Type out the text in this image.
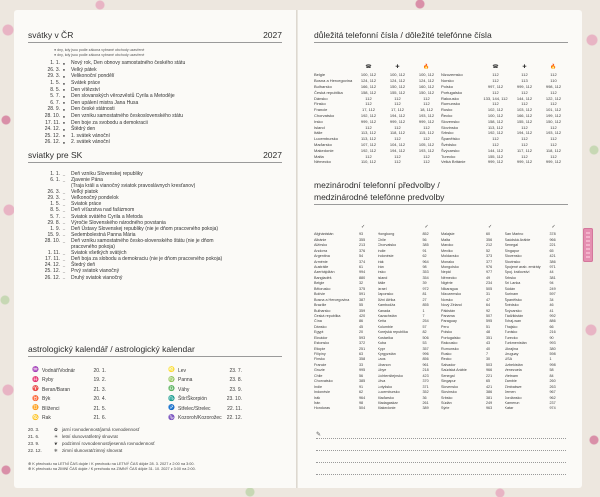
svátky v ČR	2027
● dny, kdy jsou podle zákona vybrané obchody uzavřené
● dny, kdy jsou podle zákona vybrané obchody uzavřené
1. 1. ●	Nový rok, Den obnovy samostatného českého státu
26. 3. ●	Velký pátek
29. 3. ●	Velikonoční pondělí
1. 5. ●	Svátek práce
8. 5. ●	Den vítězství
5. 7. ●	Den slovanských věrozvěstů Cyrila a Metoděje
6. 7. ●	Den upálení mistra Jana Husa
28. 9. ●	Den české státnosti
28. 10. ●	Den vzniku samostatného československého státu
17. 11. ●	Den boje za svobodu a demokracii
24. 12. ●	Štědrý den
25. 12. ●	1. svátek vánoční
26. 12. ●	2. svátek vánoční
sviatky pre SK	2027
1. 1. –	Deň vzniku Slovenskej republiky
6. 1. –	Zjavenie Pána
(Traja králi a vianočný sviatok pravoslávnych kresťanov)
26. 3. –	Veľký piatok
29. 3. –	Veľkonočný pondelok
1. 5. –	Sviatok práce
8. 5. –	Deň víťazstva nad fašizmom
5. 7. –	Sviatok svätého Cyrila a Metoda
29. 8. –	Výročie Slovenského národného povstania
1. 9. –	Deň Ústavy Slovenskej republiky (nie je dňom pracovného pokoja)
15. 9. –	Sedembolestná Panna Mária
28. 10. –	Deň vzniku samostatného česko-slovenského štátu (nie je dňom
pracovného pokoja)
1. 11. –	Sviatok všetkých svätých
17. 11. –	Deň boja za slobodu a demokraciu (nie je dňom pracovného pokoja)
24. 12. –	Štedrý deň
25. 12. –	Prvý sviatok vianočný
26. 12. –	Druhý sviatok vianočný
astrologický kalendář / astrologický kalendar
♒ Vodnář/Vodnár	20. 1.
♓ Ryby	19. 2.
♈ Beran/Baran	21. 3.
♉ Býk	20. 4.
♊ Blíženci	21. 5.
♋ Rak	21. 6.
♌ Lev	23. 7.
♍ Panna	23. 8.
♎ Váhy	23. 9.
♏ Štír/Škorpión	23. 10.
♐ Střelec/Strelec	22. 11.
♑ Kozoroh/Kozorožec	22. 12.
20. 3.	✿ jarní rovnodennost/jarná rovnodennosť
21. 6.	☀ letní slunovrat/letný slnovrat
23. 9.	❦ podzimní rovnodennost/jesenná rovnodennosť
22. 12.	❄ zimní slunovrat/zimný slnovrat
⊕ K přechodu na LETNÍ ČAS dojde / K prechodu na LETNÝ ČAS dôjde 28. 3. 2027 z 2:00 na 3:00.
⊕ K přechodu na ZIMNÍ ČAS dojde / K prechodu na ZIMNÝ ČAS dôjde 31. 10. 2027 z 3:00 na 2:00.
důležitá telefonní čísla / dôležité telefónne čísla
☎	✚	🔥	☎	✚	🔥
Belgie	100, 112	100, 112	100, 112
Bosna a Hercegovina	124, 112	124, 112	124, 112
Bulharsko	166, 112	150, 112	160, 112
Česká republika	158, 112	155, 112	150, 112
Dánsko	112	112	112
Finsko	112	112	112
Francie	17, 112	17, 112	18, 112
Chorvatsko	192, 112	194, 112	193, 112
Irsko	999, 112	999, 112	999, 112
Island	112	112	112
Itálie	113, 112	118, 112	115, 112
Lucembursko	113, 112	112	112
Maďarsko	107, 112	104, 112	105, 112
Makedonie	192, 112	194, 112	193, 112
Malta	112	112	112
Německo	110, 112	112	112
Nizozemsko	112	112	112
Norsko	112	113	110
Polsko	997, 112	999, 112	998, 112
Portugalsko	112	112	112
Rakousko	133, 144, 112	144, 112	122, 112
Rumunsko	112	112	112
Rusko	102, 112	103, 112	101, 112
Řecko	100, 112	166, 112	199, 112
Slovensko	158, 112	155, 112	150, 112
Slovinsko	113, 112	112	112
Srbsko	192, 112	194, 112	193, 112
Španělsko	112	112	112
Švédsko	112	112	112
Švýcarsko	144, 112	117, 112	118, 112
Turecko	155, 112	112	112
Velká Británie	999, 112	999, 112	999, 112
mezinárodní telefonní předvolby /
medzinárodné telefónne predvolby
✓	✓	✓	✓
Afghánistán	93
Albánie	355
Alžírsko	213
Andorra	376
Argentina	54
Arménie	374
Austrálie	61
Ázerbájdžán	994
Bangladéš	880
Belgie	32
Bělorusko	375
Bolívie	591
Bosna a Hercegovina	387
Brazílie	55
Bulharsko	359
Česká republika	420
Čína	86
Dánsko	45
Egypt	20
Ekvádor	593
Estonsko	372
Etiopie	251
Filipíny	63
Finsko	358
Francie	33
Gruzie	995
Chile	56
Chorvatsko	385
Indie	91
Indonésie	62
Irák	964
Írán	98
Honduras	504
Hongkong	852
Chile	56
Chorvatsko	385
Indie	91
Indonésie	62
Irák	964
Írán	98
Irsko	353
Island	354
Itálie	39
Izrael	972
Japonsko	81
Jižní Afrika	27
Kambodža	855
Kanada	1
Kazachstán	7
Keňa	254
Kolumbie	57
Korejská republika	82
Kostarika	506
Kuba	53
Kypr	357
Kyrgyzstán	996
Laos	856
Libanon	961
Libye	218
Lichtenštejnsko	423
Litva	370
Lotyšsko	371
Lucembursko	352
Maďarsko	36
Madagaskar	261
Makedonie	389
Malajsie	60
Malta	356
Maroko	212
Mexiko	52
Moldavsko	373
Monako	377
Mongolsko	976
Nepál	977
Německo	49
Nigérie	234
Nikaragua	505
Nizozemsko	31
Norsko	47
Nový Zéland	64
Pákistán	92
Panama	507
Paraguay	595
Peru	51
Polsko	48
Portugalsko	351
Rakousko	43
Rumunsko	40
Rusko	7
Řecko	30
Salvador	503
Saúdská Arábie	966
Senegal	221
Singapur	65
Slovensko	421
Slovinsko	386
Srbsko	381
Súdán	249
Sýrie	963
San Marino	378
Saúdská Arábie	966
Senegal	221
Singapur	65
Slovensko	421
Slovinsko	386
Spojené arab. emiráty	971
Spoj. království	44
Srbsko	381
Srí Lanka	94
Súdán	249
Surinam	597
Španělsko	34
Švédsko	46
Švýcarsko	41
Tádžikistán	992
Tchaj-wan	886
Thajsko	66
Tunisko	216
Turecko	90
Turkmenistán	993
Ukrajina	380
Uruguay	598
USA	1
Uzbekistán	998
Venezuela	58
Vietnam	84
Zambie	260
Zimbabwe	263
Jemen	967
Jordánsko	962
Kamerun	237
Katar	974
✎
